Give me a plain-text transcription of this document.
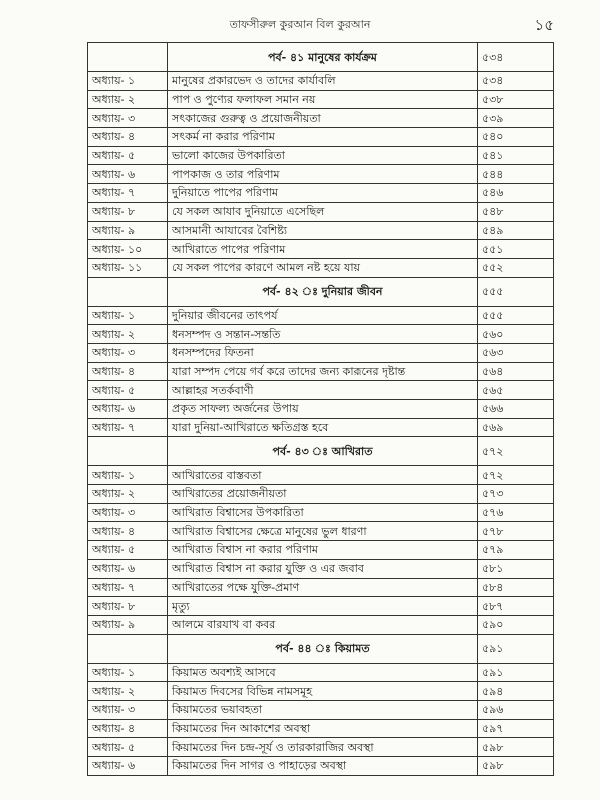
তাফসীরুল কুরআন বিল কুরআন	১৫
	পর্ব- ৪১ মানুষের কার্যক্রম	৫৩৪
অধ্যায়- ১	মানুষের প্রকারভেদ ও তাদের কার্যাবলি	৫৩৪
অধ্যায়- ২	পাপ ও পুণ্যের ফলাফল সমান নয়	৫৩৮
অধ্যায়- ৩	সৎকাজের গুরুত্ব ও প্রয়োজনীয়তা	৫৩৯
অধ্যায়- ৪	সৎকর্ম না করার পরিণাম	৫৪০
অধ্যায়- ৫	ভালো কাজের উপকারিতা	৫৪১
অধ্যায়- ৬	পাপকাজ ও তার পরিণাম	৫৪৪
অধ্যায়- ৭	দুনিয়াতে পাপের পরিণাম	৫৪৬
অধ্যায়- ৮	যে সকল আযাব দুনিয়াতে এসেছিল	৫৪৮
অধ্যায়- ৯	আসমানী আযাবের বৈশিষ্ট্য	৫৪৯
অধ্যায়- ১০	আখিরাতে পাপের পরিণাম	৫৫১
অধ্যায়- ১১	যে সকল পাপের কারণে আমল নষ্ট হয়ে যায়	৫৫২
	পর্ব- ৪২ ঃ দুনিয়ার জীবন	৫৫৫
অধ্যায়- ১	দুনিয়ার জীবনের তাৎপর্য	৫৫৫
অধ্যায়- ২	ধনসম্পদ ও সন্তান-সন্ততি	৫৬০
অধ্যায়- ৩	ধনসম্পদের ফিতনা	৫৬৩
অধ্যায়- ৪	যারা সম্পদ পেয়ে গর্ব করে তাদের জন্য কারূনের দৃষ্টান্ত	৫৬৪
অধ্যায়- ৫	আল্লাহর সতর্কবাণী	৫৬৫
অধ্যায়- ৬	প্রকৃত সাফল্য অর্জনের উপায়	৫৬৬
অধ্যায়- ৭	যারা দুনিয়া-আখিরাতে ক্ষতিগ্রস্ত হবে	৫৬৯
	পর্ব- ৪৩ ঃ আখিরাত	৫৭২
অধ্যায়- ১	আখিরাতের বাস্তবতা	৫৭২
অধ্যায়- ২	আখিরাতের প্রয়োজনীয়তা	৫৭৩
অধ্যায়- ৩	আখিরাত বিশ্বাসের উপকারিতা	৫৭৬
অধ্যায়- ৪	আখিরাত বিশ্বাসের ক্ষেত্রে মানুষের ভুল ধারণা	৫৭৮
অধ্যায়- ৫	আখিরাত বিশ্বাস না করার পরিণাম	৫৭৯
অধ্যায়- ৬	আখিরাত বিশ্বাস না করার যুক্তি ও এর জবাব	৫৮১
অধ্যায়- ৭	আখিরাতের পক্ষে যুক্তি-প্রমাণ	৫৮৪
অধ্যায়- ৮	মৃত্যু	৫৮৭
অধ্যায়- ৯	আলমে বারযাখ বা কবর	৫৯০
	পর্ব- ৪৪ ঃ কিয়ামত	৫৯১
অধ্যায়- ১	কিয়ামত অবশ্যই আসবে	৫৯১
অধ্যায়- ২	কিয়ামত দিবসের বিভিন্ন নামসমূহ	৫৯৪
অধ্যায়- ৩	কিয়ামতের ভয়াবহতা	৫৯৬
অধ্যায়- ৪	কিয়ামতের দিন আকাশের অবস্থা	৫৯৭
অধ্যায়- ৫	কিয়ামতের দিন চন্দ্র-সূর্য ও তারকারাজির অবস্থা	৫৯৮
অধ্যায়- ৬	কিয়ামতের দিন সাগর ও পাহাড়ের অবস্থা	৫৯৮
